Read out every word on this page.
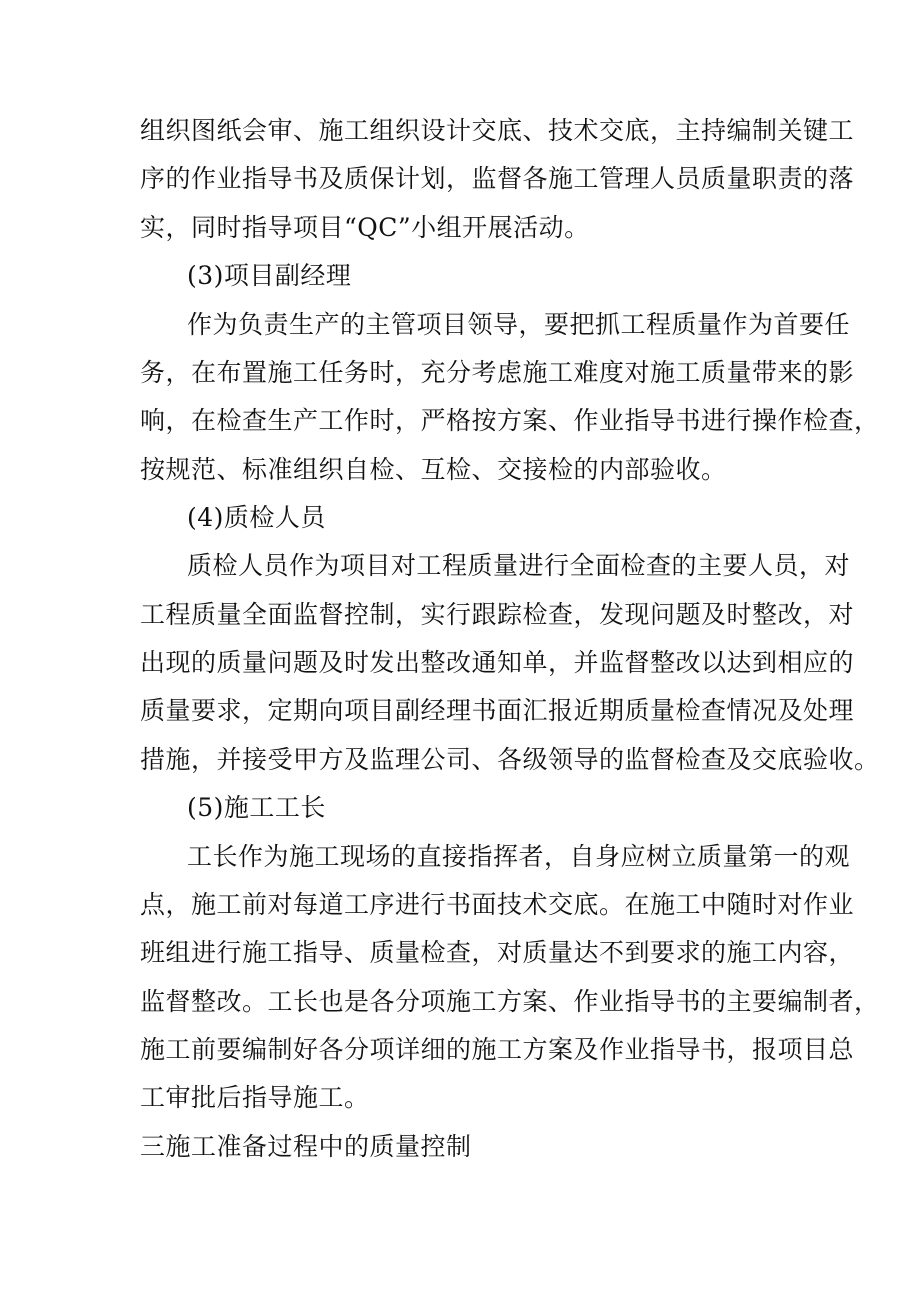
组织图纸会审、施工组织设计交底、技术交底，主持编制关键工
序的作业指导书及质保计划，监督各施工管理人员质量职责的落
实，同时指导项目“QC”小组开展活动。
(3)项目副经理
作为负责生产的主管项目领导，要把抓工程质量作为首要任
务，在布置施工任务时，充分考虑施工难度对施工质量带来的影
响，在检查生产工作时，严格按方案、作业指导书进行操作检查，
按规范、标准组织自检、互检、交接检的内部验收。
(4)质检人员
质检人员作为项目对工程质量进行全面检查的主要人员，对
工程质量全面监督控制，实行跟踪检查，发现问题及时整改，对
出现的质量问题及时发出整改通知单，并监督整改以达到相应的
质量要求，定期向项目副经理书面汇报近期质量检查情况及处理
措施，并接受甲方及监理公司、各级领导的监督检查及交底验收。
(5)施工工长
工长作为施工现场的直接指挥者，自身应树立质量第一的观
点，施工前对每道工序进行书面技术交底。在施工中随时对作业
班组进行施工指导、质量检查，对质量达不到要求的施工内容，
监督整改。工长也是各分项施工方案、作业指导书的主要编制者，
施工前要编制好各分项详细的施工方案及作业指导书，报项目总
工审批后指导施工。
三施工准备过程中的质量控制
